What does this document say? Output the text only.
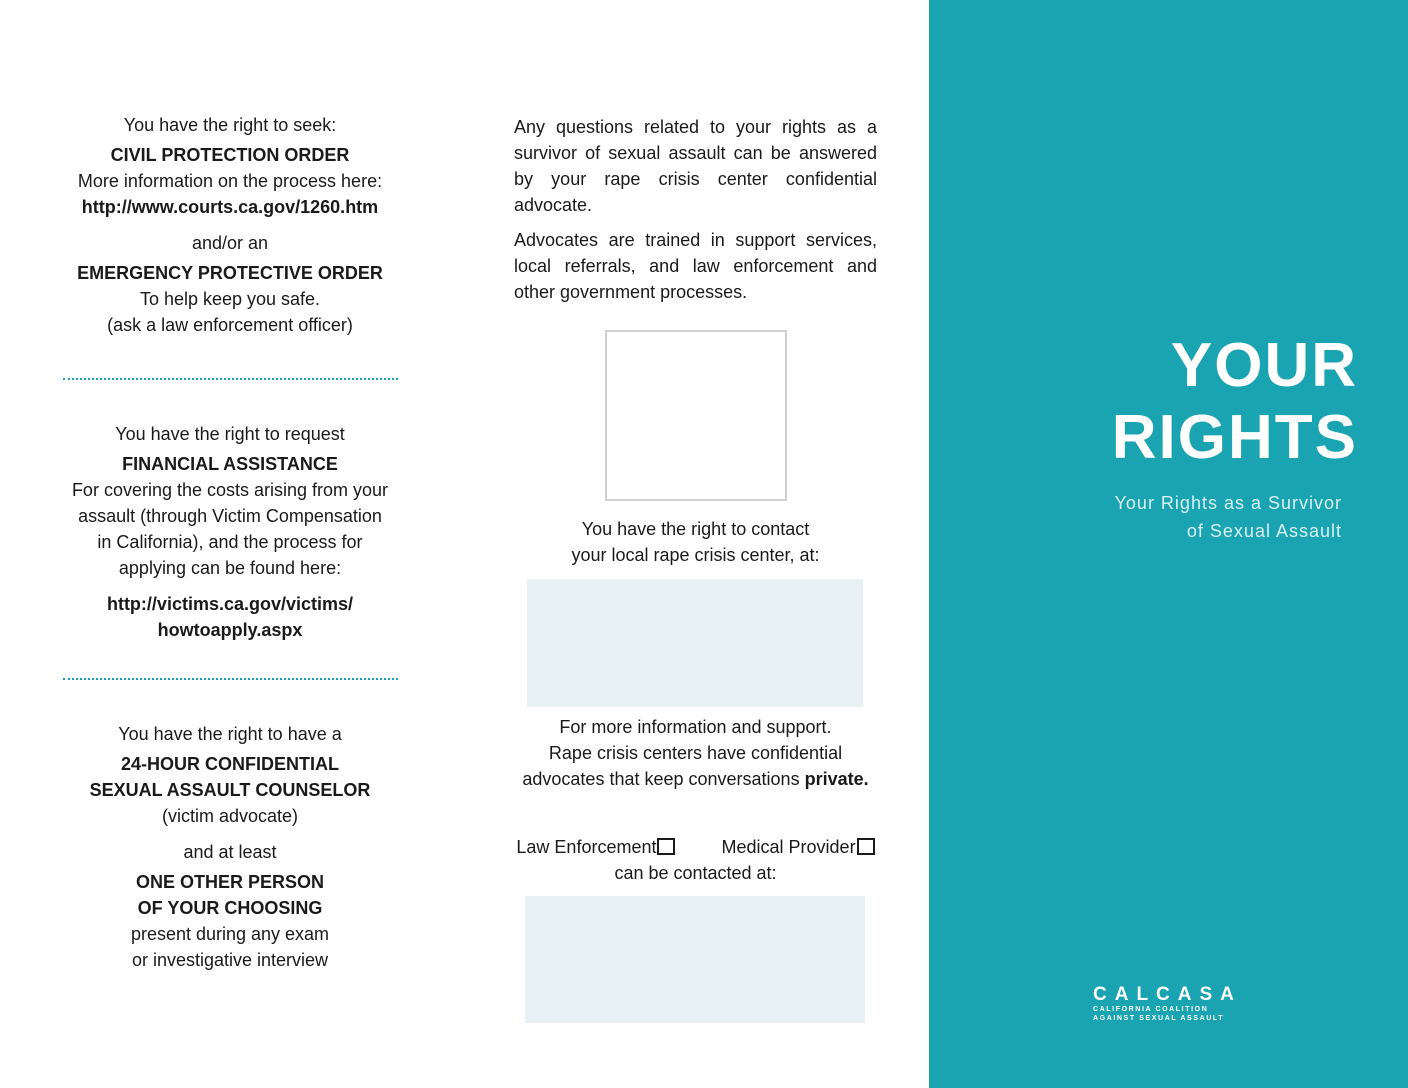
You have the right to seek:

CIVIL PROTECTION ORDER

More information on the process here:

http://www.courts.ca.gov/1260.htm

and/or an

EMERGENCY PROTECTIVE ORDER

To help keep you safe.

(ask a law enforcement officer)

You have the right to request

FINANCIAL ASSISTANCE

For covering the costs arising from your

assault (through Victim Compensation

in California), and the process for

applying can be found here:

http://victims.ca.gov/victims/

howtoapply.aspx

You have the right to have a

24-HOUR CONFIDENTIAL

SEXUAL ASSAULT COUNSELOR

(victim advocate)

and at least

ONE OTHER PERSON

OF YOUR CHOOSING

present during any exam

or investigative interview

Any questions related to your rights as a survivor of sexual assault can be answered by your rape crisis center confidential advocate.
Advocates are trained in support services, local referrals, and law enforcement and other government processes.
You have the right to contact
your local rape crisis center, at:
For more information and support.
Rape crisis centers have confidential
advocates that keep conversations private.
Law Enforcement	Medical Provider
can be contacted at:
YOUR
RIGHTS
Your Rights as a Survivor
of Sexual Assault
CALCASA
CALIFORNIA COALITION
AGAINST SEXUAL ASSAULT
